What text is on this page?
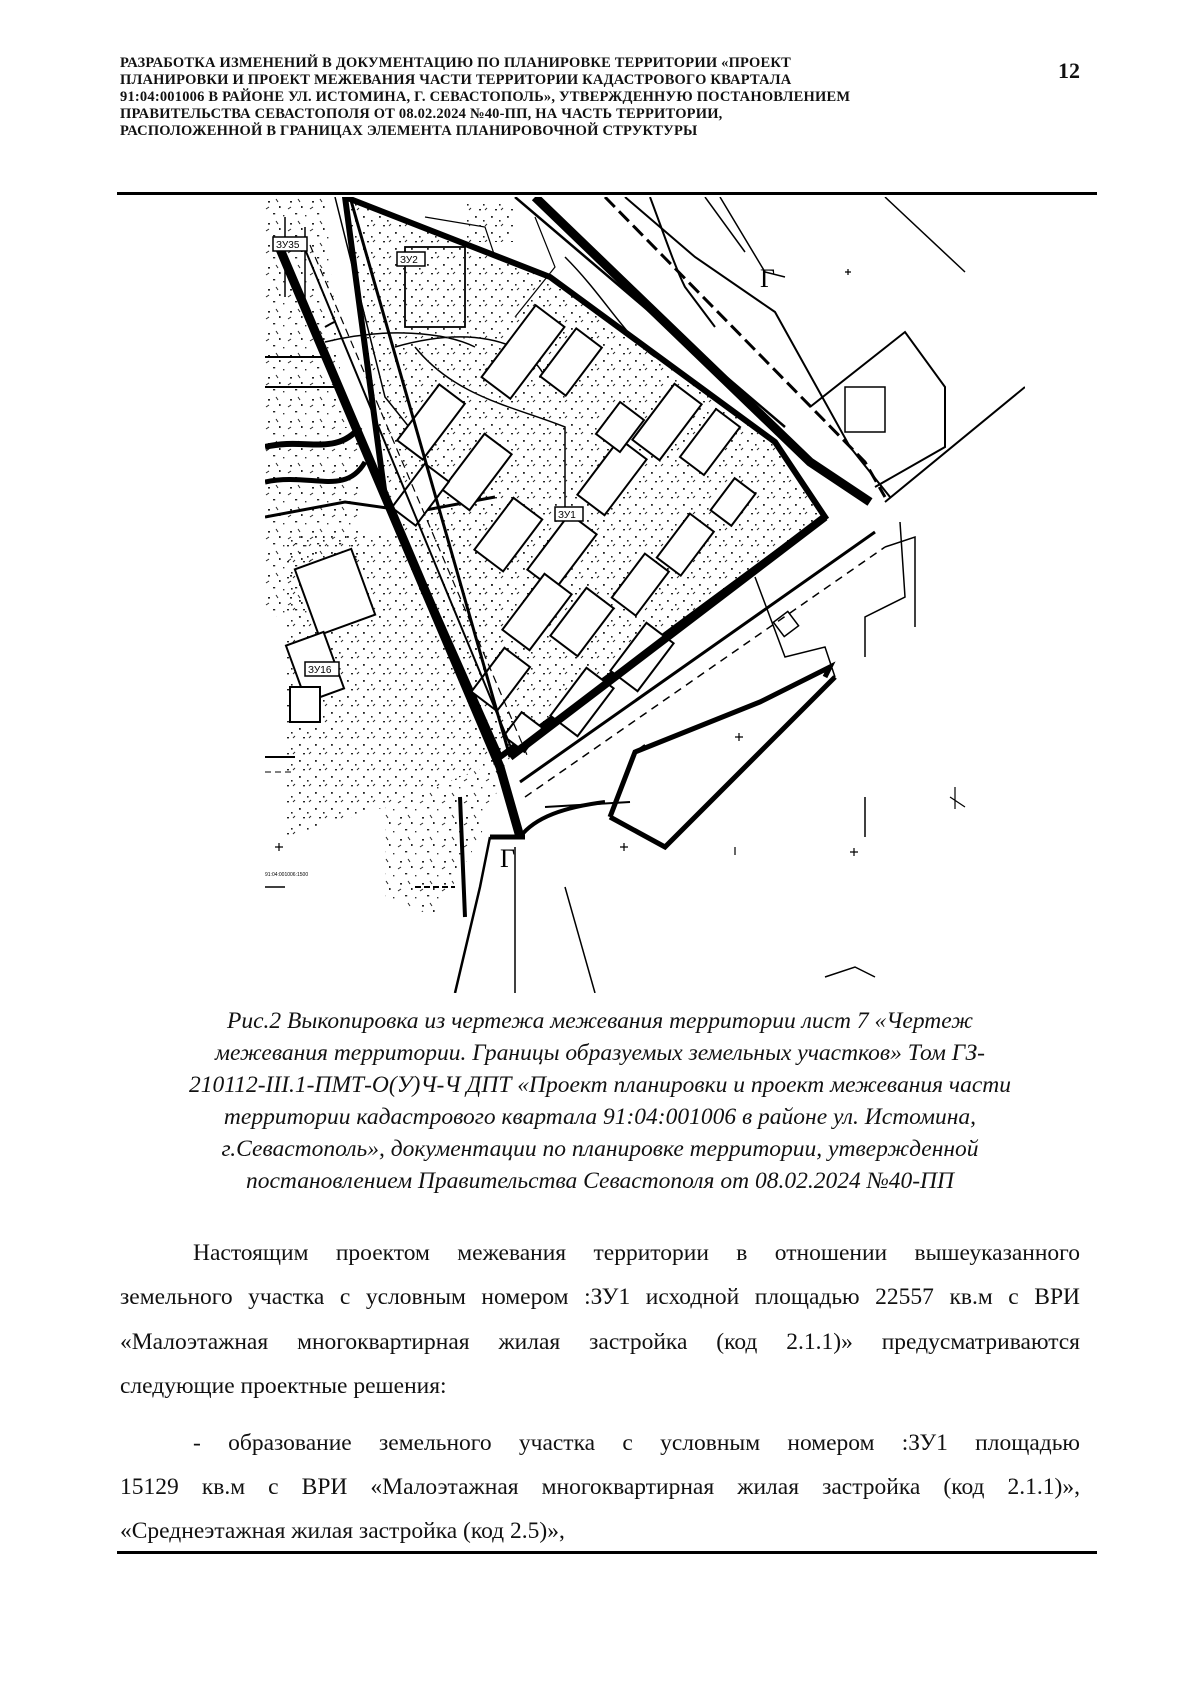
РАЗРАБОТКА ИЗМЕНЕНИЙ В ДОКУМЕНТАЦИЮ ПО ПЛАНИРОВКЕ ТЕРРИТОРИИ «ПРОЕКТ
ПЛАНИРОВКИ И ПРОЕКТ МЕЖЕВАНИЯ ЧАСТИ ТЕРРИТОРИИ КАДАСТРОВОГО КВАРТАЛА
91:04:001006 В РАЙОНЕ УЛ. ИСТОМИНА, Г. СЕВАСТОПОЛЬ», УТВЕРЖДЕННУЮ ПОСТАНОВЛЕНИЕМ
ПРАВИТЕЛЬСТВА СЕВАСТОПОЛЯ ОТ 08.02.2024 №40-ПП, НА ЧАСТЬ ТЕРРИТОРИИ,
РАСПОЛОЖЕННОЙ В ГРАНИЦАХ ЭЛЕМЕНТА ПЛАНИРОВОЧНОЙ СТРУКТУРЫ
12
ЗУ35
ЗУ2
ЗУ1
ЗУ16
Г
Г
91:04:001006:1500
Рис.2 Выкопировка из чертежа межевания территории лист 7 «Чертеж
межевания территории. Границы образуемых земельных участков» Том ГЗ-
210112-III.1-ПМТ-О(У)Ч-Ч ДПТ «Проект планировки и проект межевания части
территории кадастрового квартала 91:04:001006 в районе ул. Истомина,
г.Севастополь», документации по планировке территории, утвержденной
постановлением Правительства Севастополя от 08.02.2024 №40-ПП
Настоящим проектом межевания территории в отношении вышеуказанного
земельного участка с условным номером :ЗУ1 исходной площадью 22557 кв.м с ВРИ
«Малоэтажная многоквартирная жилая застройка (код 2.1.1)» предусматриваются
следующие проектные решения:
- образование земельного участка с условным номером :ЗУ1 площадью
15129 кв.м с ВРИ «Малоэтажная многоквартирная жилая застройка (код 2.1.1)»,
«Среднеэтажная жилая застройка (код 2.5)»,
